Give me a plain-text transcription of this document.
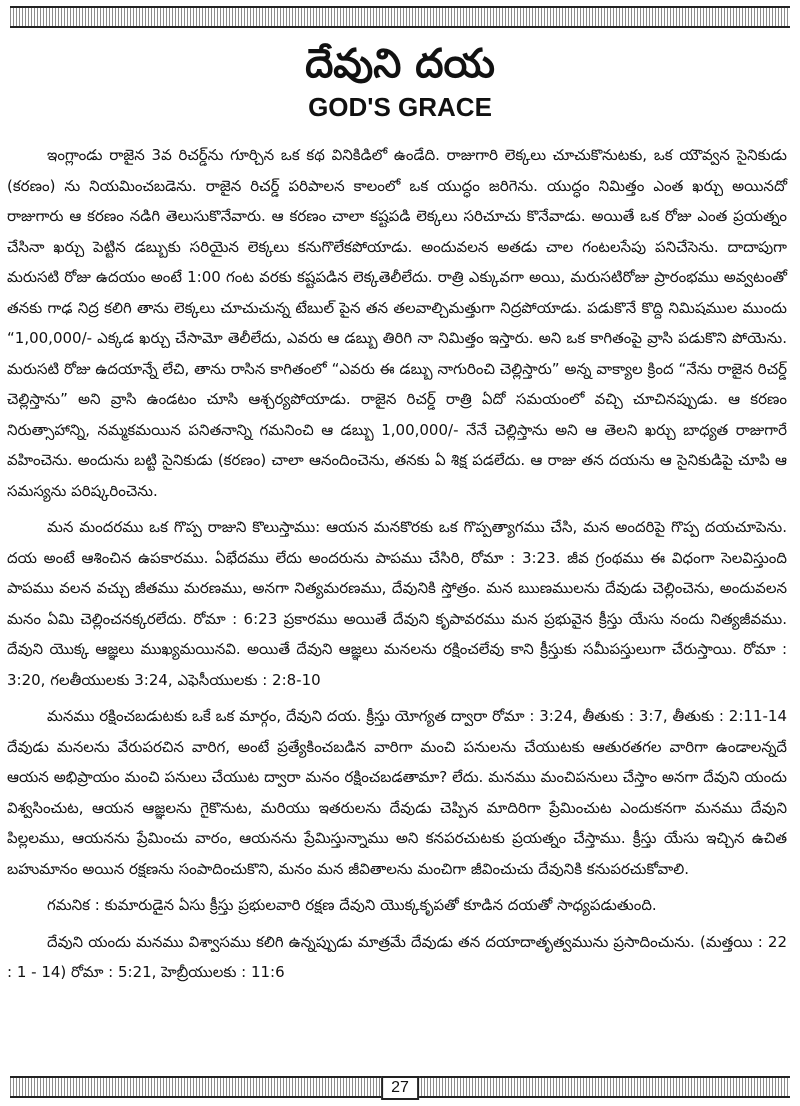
దేవుని దయ
GOD'S GRACE

ఇంగ్లాండు రాజైన 3వ రిచర్డ్‌ను గూర్చిన ఒక కథ వినికిడిలో ఉండేది. రాజుగారి లెక్కలు చూచుకొనుటకు, ఒక యౌవ్వన సైనికుడు (కరణం) ను నియమించబడెను. రాజైన రిచర్డ్ పరిపాలన కాలంలో ఒక యుద్ధం జరిగెను. యుద్ధం నిమిత్తం ఎంత ఖర్చు అయినదో రాజుగారు ఆ కరణం నడిగి తెలుసుకొనేవారు. ఆ కరణం చాలా కష్టపడి లెక్కలు సరిచూచు కొనేవాడు. అయితే ఒక రోజు ఎంత ప్రయత్నం చేసినా ఖర్చు పెట్టిన డబ్బుకు సరియైన లెక్కలు కనుగొలేకపోయాడు. అందువలన అతడు చాల గంటలసేపు పనిచేసెను. దాదాపుగా మరుసటి రోజు ఉదయం అంటే 1:00 గంట వరకు కష్టపడిన లెక్కతెలీలేదు. రాత్రి ఎక్కువగా అయి, మరుసటిరోజు ప్రారంభము అవ్వటంతో తనకు గాఢ నిద్ర కలిగి తాను లెక్కలు చూచుచున్న టేబుల్ పైన తన తలవాల్చిమత్తుగా నిద్రపోయాడు. పడుకొనే కొద్ది నిమిషముల ముందు “1,00,000/- ఎక్కడ ఖర్చు చేసామో తెలీలేదు, ఎవరు ఆ డబ్బు తిరిగి నా నిమిత్తం ఇస్తారు. అని ఒక కాగితంపై వ్రాసి పడుకొని పోయెను. మరుసటి రోజు ఉదయాన్నే లేచి, తాను రాసిన కాగితంలో “ఎవరు ఈ డబ్బు నాగురించి చెల్లిస్తారు” అన్న వాక్యాల క్రింద “నేను రాజైన రిచర్డ్ చెల్లిస్తాను” అని వ్రాసి ఉండటం చూసి ఆశ్చర్యపోయాడు. రాజైన రిచర్డ్ రాత్రి ఏదో సమయంలో వచ్చి చూచినప్పుడు. ఆ కరణం నిరుత్సాహాన్ని, నమ్మకమయిన పనితనాన్ని గమనించి ఆ డబ్బు 1,00,000/- నేనే చెల్లిస్తాను అని ఆ తెలని ఖర్చు బాధ్యత రాజుగారే వహించెను. అందును బట్టి సైనికుడు (కరణం) చాలా ఆనందించెను, తనకు ఏ శిక్ష పడలేదు. ఆ రాజు తన దయను ఆ సైనికుడిపై చూపి ఆ సమస్యను పరిష్కరించెను.

మన మందరము ఒక గొప్ప రాజుని కొలుస్తాము: ఆయన మనకొరకు ఒక గొప్పత్యాగము చేసి, మన అందరిపై గొప్ప దయచూపెను. దయ అంటే ఆశించిన ఉపకారము. ఏభేదము లేదు అందరును పాపము చేసిరి, రోమా : 3:23. జీవ గ్రంథము ఈ విధంగా సెలవిస్తుంది పాపము వలన వచ్చు జీతము మరణము, అనగా నిత్యమరణము, దేవునికి స్తోత్రం. మన ఋణములను దేవుడు చెల్లించెను, అందువలన మనం ఏమి చెల్లించనక్కరలేదు. రోమా : 6:23 ప్రకారము అయితే దేవుని కృపావరము మన ప్రభువైన క్రీస్తు యేసు నందు నిత్యజీవము. దేవుని యొక్క ఆజ్ఞలు ముఖ్యమయినవి. అయితే దేవుని ఆజ్ఞలు మనలను రక్షించలేవు కాని క్రీస్తుకు సమీపస్తులుగా చేరుస్తాయి. రోమా : 3:20, గలతీయులకు 3:24, ఎఫెసీయులకు : 2:8-10

మనము రక్షించబడుటకు ఒకే ఒక మార్గం, దేవుని దయ. క్రీస్తు యోగ్యత ద్వారా రోమా : 3:24, తీతుకు : 3:7, తీతుకు : 2:11-14 దేవుడు మనలను వేరుపరచిన వారిగ, అంటే ప్రత్యేకించబడిన వారిగా మంచి పనులను చేయుటకు ఆతురతగల వారిగా ఉండాలన్నదే ఆయన అభిప్రాయం మంచి పనులు చేయుట ద్వారా మనం రక్షించబడతామా? లేదు. మనము మంచిపనులు చేస్తాం అనగా దేవుని యందు విశ్వసించుట, ఆయన ఆజ్ఞలను గైకొనుట, మరియు ఇతరులను దేవుడు చెప్పిన మాదిరిగా ప్రేమించుట ఎందుకనగా మనము దేవుని పిల్లలము, ఆయనను ప్రేమించు వారం, ఆయనను ప్రేమిస్తున్నాము అని కనపరచుటకు ప్రయత్నం చేస్తాము. క్రీస్తు యేసు ఇచ్చిన ఉచిత బహుమానం అయిన రక్షణను సంపాదించుకొని, మనం మన జీవితాలను మంచిగా జీవించుచు దేవునికి కనుపరచుకోవాలి.

గమనిక : కుమారుడైన ఏసు క్రీస్తు ప్రభులవారి రక్షణ దేవుని యొక్కకృపతో కూడిన దయతో సాధ్యపడుతుంది.

దేవుని యందు మనము విశ్వాసము కలిగి ఉన్నప్పుడు మాత్రమే దేవుడు తన దయాదాతృత్వమును ప్రసాదించును. (మత్తయి : 22 : 1 - 14) రోమా : 5:21, హెబ్రీయులకు : 11:6

27
